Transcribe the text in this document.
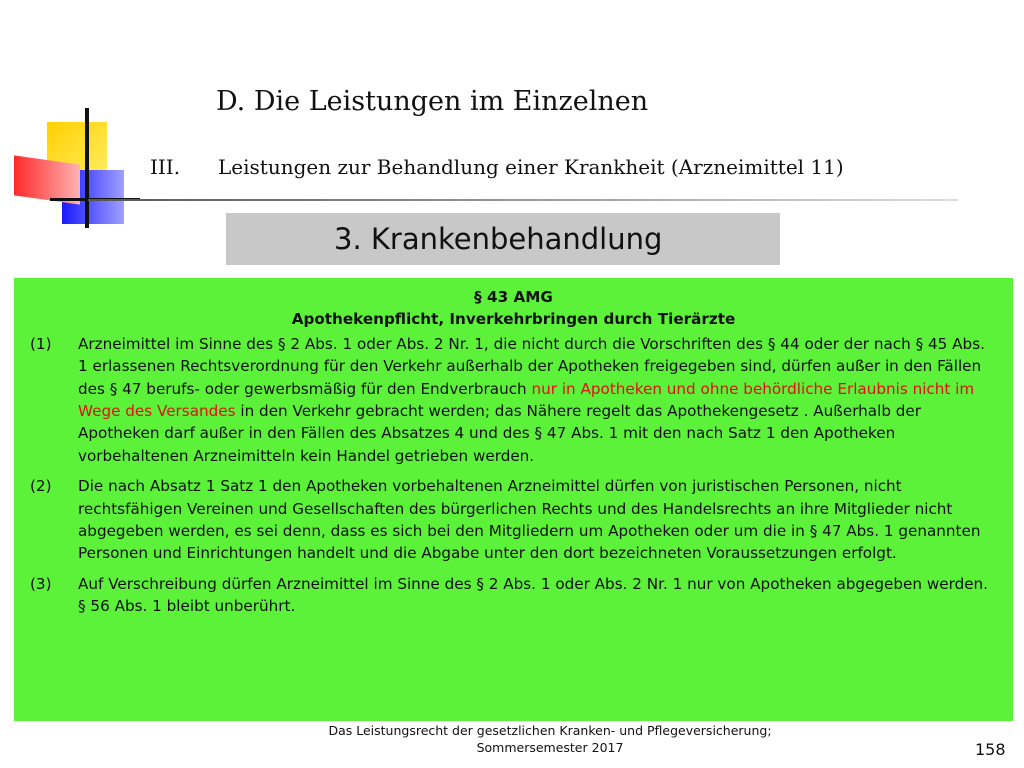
D. Die Leistungen im Einzelnen
III. Leistungen zur Behandlung einer Krankheit (Arzneimittel 11)
3. Krankenbehandlung
§ 43 AMG
Apothekenpflicht, Inverkehrbringen durch Tierärzte
(1)	Arzneimittel im Sinne des § 2 Abs. 1 oder Abs. 2 Nr. 1, die nicht durch die Vorschriften des § 44 oder der nach § 45 Abs. 1 erlassenen Rechtsverordnung für den Verkehr außerhalb der Apotheken freigegeben sind, dürfen außer in den Fällen des § 47 berufs- oder gewerbsmäßig für den Endverbrauch nur in Apotheken und ohne behördliche Erlaubnis nicht im Wege des Versandes in den Verkehr gebracht werden; das Nähere regelt das Apothekengesetz . Außerhalb der Apotheken darf außer in den Fällen des Absatzes 4 und des § 47 Abs. 1 mit den nach Satz 1 den Apotheken vorbehaltenen Arzneimitteln kein Handel getrieben werden.
(2)	Die nach Absatz 1 Satz 1 den Apotheken vorbehaltenen Arzneimittel dürfen von juristischen Personen, nicht rechtsfähigen Vereinen und Gesellschaften des bürgerlichen Rechts und des Handelsrechts an ihre Mitglieder nicht abgegeben werden, es sei denn, dass es sich bei den Mitgliedern um Apotheken oder um die in § 47 Abs. 1 genannten Personen und Einrichtungen handelt und die Abgabe unter den dort bezeichneten Voraussetzungen erfolgt.
(3)	Auf Verschreibung dürfen Arzneimittel im Sinne des § 2 Abs. 1 oder Abs. 2 Nr. 1 nur von Apotheken abgegeben werden. § 56 Abs. 1 bleibt unberührt.
Das Leistungsrecht der gesetzlichen Kranken- und Pflegeversicherung;
Sommersemester 2017	158
